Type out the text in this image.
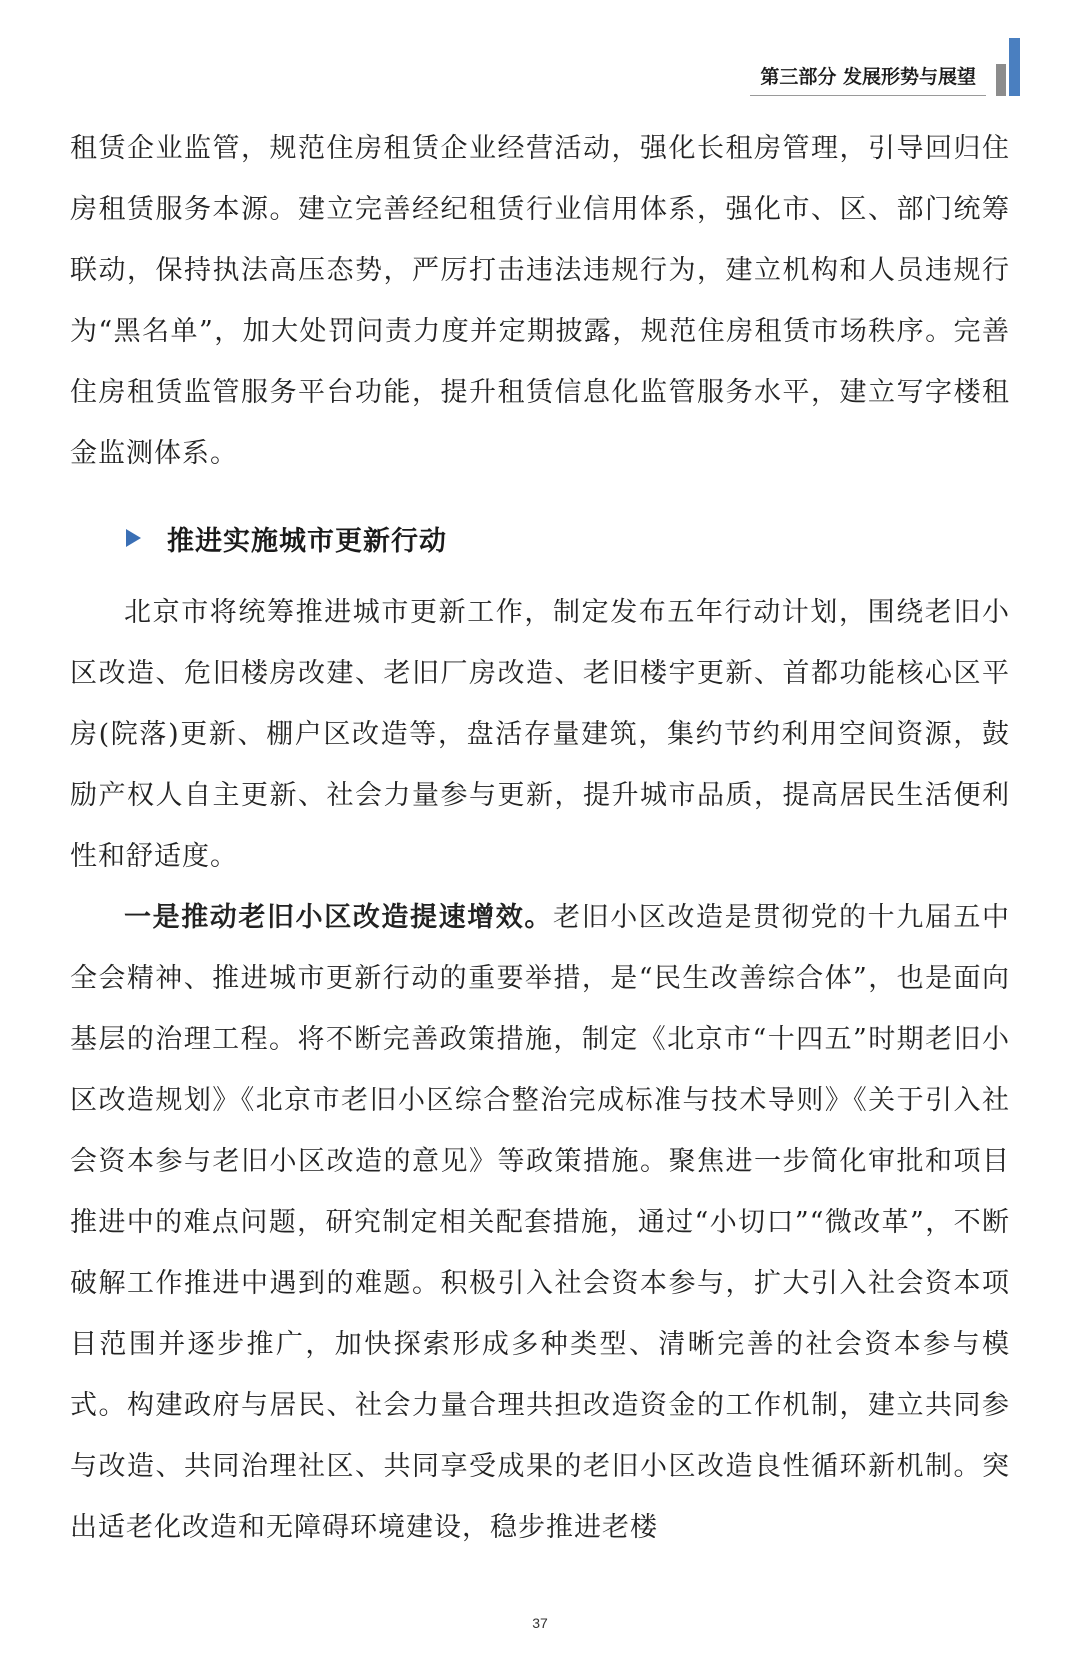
第三部分 发展形势与展望

租赁企业监管，规范住房租赁企业经营活动，强化长租房管理，引导回归住房租赁服务本源。建立完善经纪租赁行业信用体系，强化市、区、部门统筹联动，保持执法高压态势，严厉打击违法违规行为，建立机构和人员违规行为“黑名单”，加大处罚问责力度并定期披露，规范住房租赁市场秩序。完善住房租赁监管服务平台功能，提升租赁信息化监管服务水平，建立写字楼租金监测体系。

推进实施城市更新行动

北京市将统筹推进城市更新工作，制定发布五年行动计划，围绕老旧小区改造、危旧楼房改建、老旧厂房改造、老旧楼宇更新、首都功能核心区平房(院落)更新、棚户区改造等，盘活存量建筑，集约节约利用空间资源，鼓励产权人自主更新、社会力量参与更新，提升城市品质，提高居民生活便利性和舒适度。

一是推动老旧小区改造提速增效。老旧小区改造是贯彻党的十九届五中全会精神、推进城市更新行动的重要举措，是“民生改善综合体”，也是面向基层的治理工程。将不断完善政策措施，制定《北京市“十四五”时期老旧小区改造规划》《北京市老旧小区综合整治完成标准与技术导则》《关于引入社会资本参与老旧小区改造的意见》等政策措施。聚焦进一步简化审批和项目推进中的难点问题，研究制定相关配套措施，通过“小切口”“微改革”，不断破解工作推进中遇到的难题。积极引入社会资本参与，扩大引入社会资本项目范围并逐步推广，加快探索形成多种类型、清晰完善的社会资本参与模式。构建政府与居民、社会力量合理共担改造资金的工作机制，建立共同参与改造、共同治理社区、共同享受成果的老旧小区改造良性循环新机制。突出适老化改造和无障碍环境建设，稳步推进老楼

37
